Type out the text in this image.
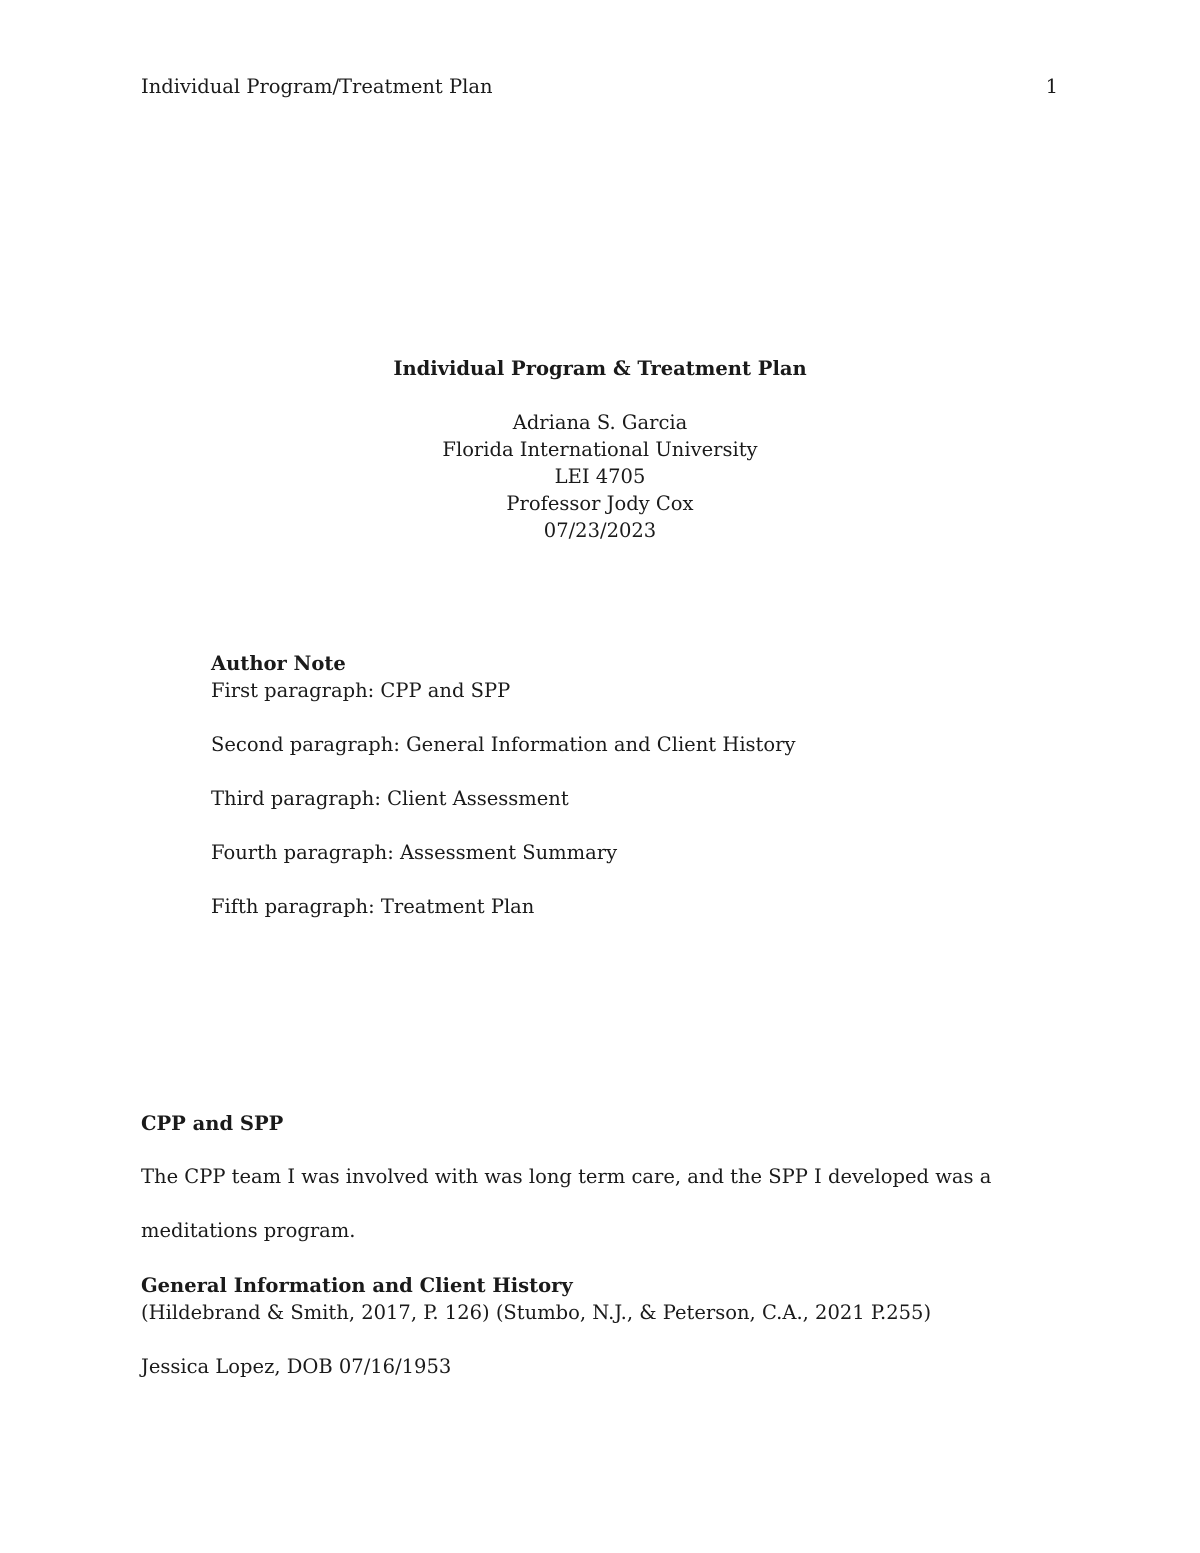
Individual Program/Treatment Plan	1
Individual Program & Treatment Plan
Adriana S. Garcia
Florida International University
LEI 4705
Professor Jody Cox
07/23/2023
Author Note
First paragraph: CPP and SPP
Second paragraph: General Information and Client History
Third paragraph: Client Assessment
Fourth paragraph: Assessment Summary
Fifth paragraph: Treatment Plan
CPP and SPP
The CPP team I was involved with was long term care, and the SPP I developed was a
meditations program.
General Information and Client History
(Hildebrand & Smith, 2017, P. 126) (Stumbo, N.J., & Peterson, C.A., 2021 P.255)
Jessica Lopez, DOB 07/16/1953
